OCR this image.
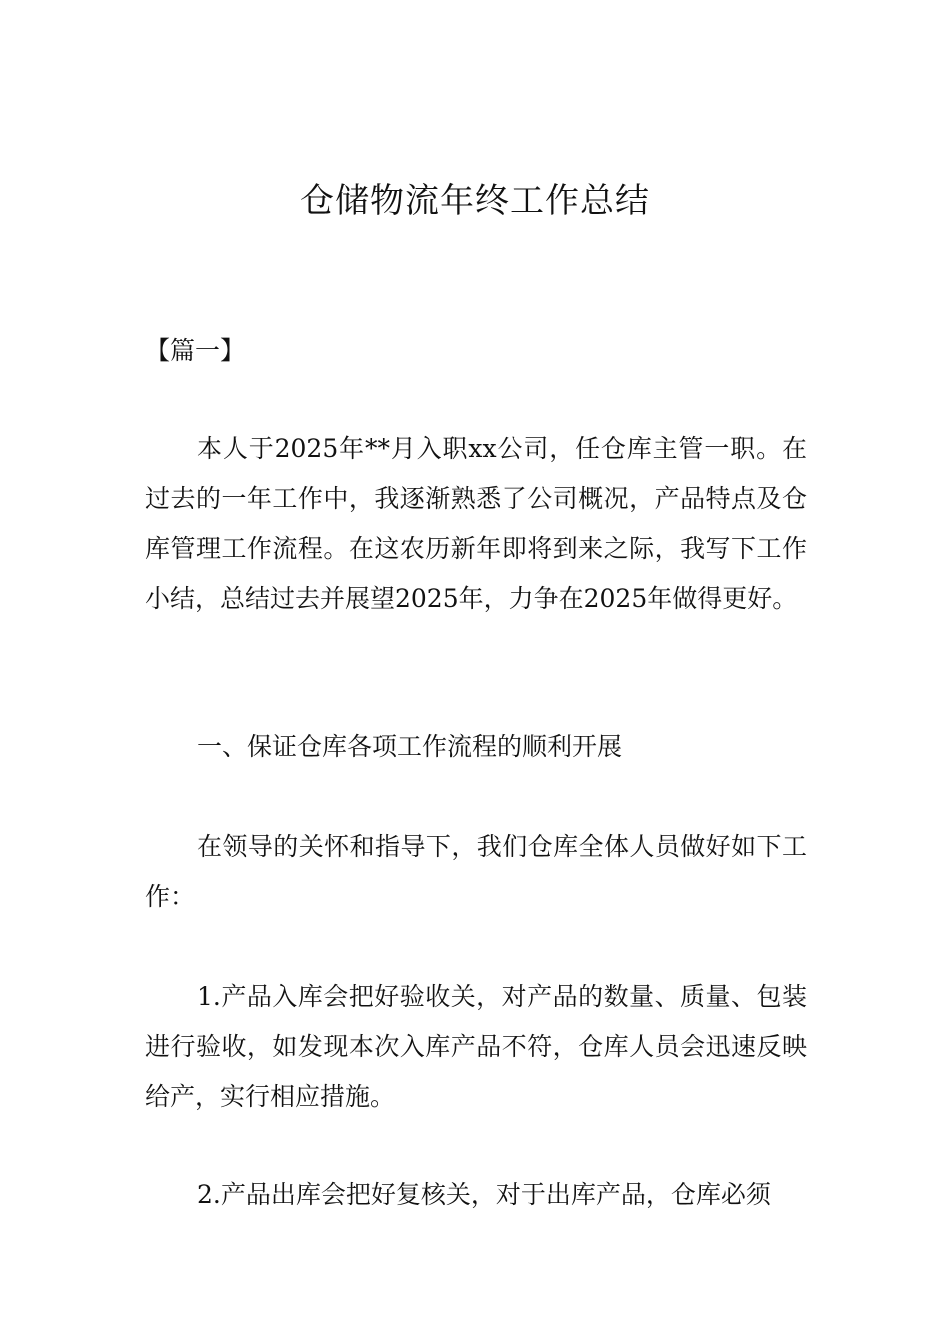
仓储物流年终工作总结

【篇一】

本人于2025年**月入职xx公司，任仓库主管一职。在过去的一年工作中，我逐渐熟悉了公司概况，产品特点及仓库管理工作流程。在这农历新年即将到来之际，我写下工作小结，总结过去并展望2025年，力争在2025年做得更好。

一、保证仓库各项工作流程的顺利开展

在领导的关怀和指导下，我们仓库全体人员做好如下工作：

1.产品入库会把好验收关，对产品的数量、质量、包装进行验收，如发现本次入库产品不符，仓库人员会迅速反映给产，实行相应措施。

2.产品出库会把好复核关，对于出库产品，仓库必须
